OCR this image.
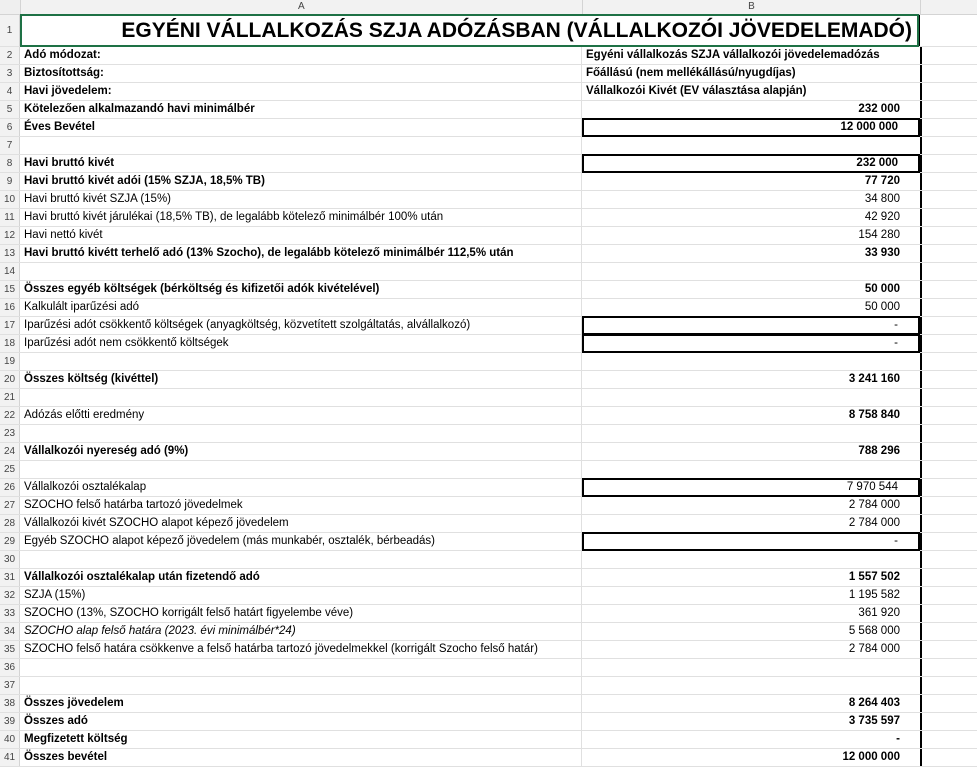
A	B
1	EGYÉNI VÁLLALKOZÁS SZJA ADÓZÁSBAN (VÁLLALKOZÓI JÖVEDELEMADÓ)
2	Adó módozat:	Egyéni vállalkozás SZJA vállalkozói jövedelemadózás
3	Biztosítottság:	Főállású (nem mellékállású/nyugdíjas)
4	Havi jövedelem:	Vállalkozói Kivét (EV választása alapján)
5	Kötelezően alkalmazandó havi minimálbér	232 000
6	Éves Bevétel	12 000 000
7
8	Havi bruttó kivét	232 000
9	Havi bruttó kivét adói (15% SZJA, 18,5% TB)	77 720
10 Havi bruttó kivét SZJA (15%)	34 800
11 Havi bruttó kivét járulékai (18,5% TB), de legalább kötelező minimálbér 100% után	42 920
12 Havi nettó kivét	154 280
13 Havi bruttó kivétt terhelő adó (13% Szocho), de legalább kötelező minimálbér 112,5% után	33 930
14
15 Összes egyéb költségek (bérköltség és kifizetői adók kivételével)	50 000
16 Kalkulált iparűzési adó	50 000
17 Iparűzési adót csökkentő költségek (anyagköltség, közvetített szolgáltatás, alvállalkozó)	-
18 Iparűzési adót nem csökkentő költségek	-
19
20 Összes költség (kivéttel)	3 241 160
21
22 Adózás előtti eredmény	8 758 840
23
24 Vállalkozói nyereség adó (9%)	788 296
25
26 Vállalkozói osztalékalap	7 970 544
27 SZOCHO felső határba tartozó jövedelmek	2 784 000
28 Vállalkozói kivét SZOCHO alapot képező jövedelem	2 784 000
29 Egyéb SZOCHO alapot képező jövedelem (más munkabér, osztalék, bérbeadás)	-
30
31 Vállalkozói osztalékalap után fizetendő adó	1 557 502
32 SZJA (15%)	1 195 582
33 SZOCHO (13%, SZOCHO korrigált felső határt figyelembe véve)	361 920
34 SZOCHO alap felső határa (2023. évi minimálbér*24)	5 568 000
35 SZOCHO felső határa csökkenve a felső határba tartozó jövedelmekkel (korrigált Szocho felső határ)	2 784 000
36
37
38 Összes jövedelem	8 264 403
39 Összes adó	3 735 597
40 Megfizetett költség	-
41 Összes bevétel	12 000 000
